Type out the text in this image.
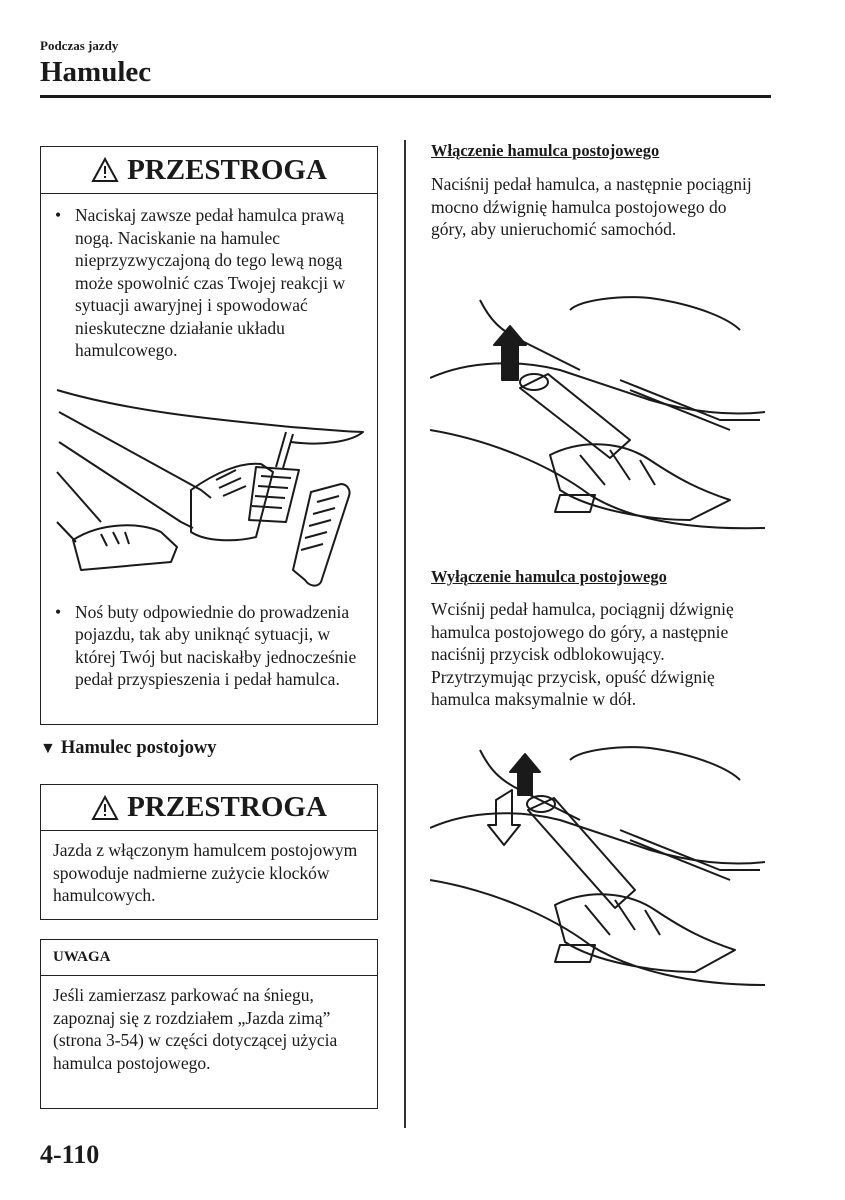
Podczas jazdy
Hamulec
PRZESTROGA
• Naciskaj zawsze pedał hamulca prawą nogą. Naciskanie na hamulec nieprzyzwyczajoną do tego lewą nogą może spowolnić czas Twojej reakcji w sytuacji awaryjnej i spowodować nieskuteczne działanie układu hamulcowego.
• Noś buty odpowiednie do prowadzenia pojazdu, tak aby uniknąć sytuacji, w której Twój but naciskałby jednocześnie pedał przyspieszenia i pedał hamulca.
▼ Hamulec postojowy
PRZESTROGA
Jazda z włączonym hamulcem postojowym spowoduje nadmierne zużycie klocków hamulcowych.
UWAGA
Jeśli zamierzasz parkować na śniegu, zapoznaj się z rozdziałem „Jazda zimą” (strona 3-54) w części dotyczącej użycia hamulca postojowego.
Włączenie hamulca postojowego
Naciśnij pedał hamulca, a następnie pociągnij mocno dźwignię hamulca postojowego do góry, aby unieruchomić samochód.
Wyłączenie hamulca postojowego
Wciśnij pedał hamulca, pociągnij dźwignię hamulca postojowego do góry, a następnie naciśnij przycisk odblokowujący. Przytrzymując przycisk, opuść dźwignię hamulca maksymalnie w dół.
4-110
